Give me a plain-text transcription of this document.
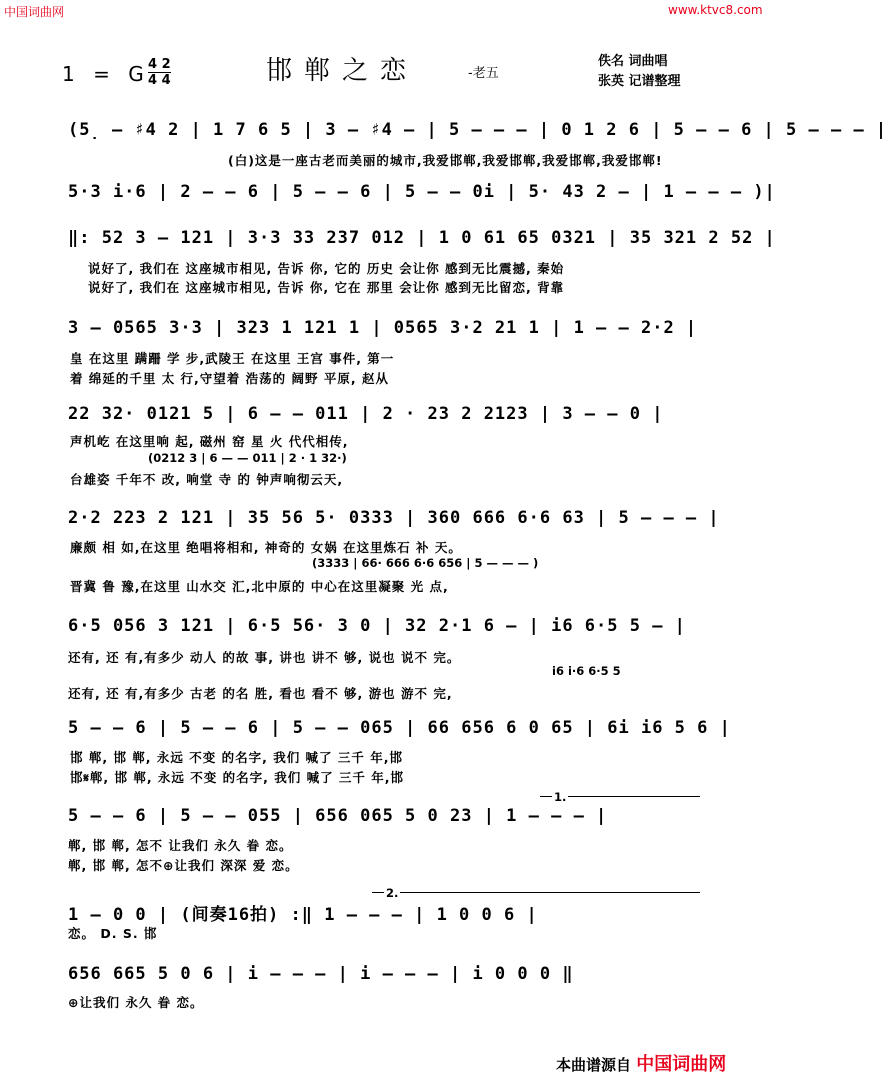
中国词曲网	www.ktvc8.com
1 = G
4 2
4 4	邯郸之恋	-老五
佚名 词曲唱
张英 记谱整理
(5̣ — ♯4 2 | 1 7 6 5 | 3 — ♯4 — | 5 — — — | 0 1 2 6 | 5 — — 6 | 5 — — — |
(白)这是一座古老而美丽的城市,我爱邯郸,我爱邯郸,我爱邯郸,我爱邯郸!
5·3 i·6 | 2 — — 6 | 5 — — 6 | 5 — — 0i | 5· 43 2 — | 1 — — — )|
‖: 52 3 — 121 | 3·3 33 237 012 | 1 0 61 65 0321 | 35 321 2 52 |
说好了, 我们在 这座城市相见, 告诉 你, 它的 历史 会让你 感到无比震撼, 秦始
说好了, 我们在 这座城市相见, 告诉 你, 它在 那里 会让你 感到无比留恋, 背靠
3 — 0565 3·3 | 323 1 121 1 | 0565 3·2 21 1 | 1 — — 2·2 |
皇 在这里 蹒跚 学 步,武陵王 在这里 王宫 事件, 第一
着 绵延的千里 太 行,守望着 浩荡的 阔野 平原, 赵从
22 32· 0121 5 | 6 — — 011 | 2 · 23 2 2123 | 3 — — 0 |
声机屹 在这里响 起, 磁州 窑 星 火 代代相传,
(0212 3 | 6 — — 011 | 2 · 1 32·)
台雄姿 千年不 改, 响堂 寺 的 钟声响彻云天,
2·2 223 2 121 | 35 56 5· 0333 | 360 666 6·6 63 | 5 — — — |
廉颇 相 如,在这里 绝唱将相和, 神奇的 女娲 在这里炼石 补 天。
(3333 | 66· 666 6·6 656 | 5 — — — )
晋冀 鲁 豫,在这里 山水交 汇,北中原的 中心在这里凝聚 光 点,
6·5 056 3 121 | 6·5 56· 3 0 | 32 2·1 6 — | i6 6·5 5 — |
还有, 还 有,有多少 动人 的故 事, 讲也 讲不 够, 说也 说不 完。
i6 i·6 6·5 5
还有, 还 有,有多少 古老 的名 胜, 看也 看不 够, 游也 游不 完,
5 — — 6 | 5 — — 6 | 5 — — 065 | 66 656 6 0 65 | 6i i6 5 6 |
邯 郸, 邯 郸, 永远 不变 的名字, 我们 喊了 三千 年,邯
邯𝄋郸, 邯 郸, 永远 不变 的名字, 我们 喊了 三千 年,邯
1.
5 — — 6 | 5 — — 055 | 656 065 5 0 23 | 1 — — — |
郸, 邯 郸, 怎不 让我们 永久 眷 恋。
郸, 邯 郸, 怎不⊕让我们 深深 爱 恋。
2.
1 — 0 0 | (间奏16拍) :‖ 1 — — — | 1 0 0 6 |
恋。 D. S. 邯
656 665 5 0 6 | i — — — | i — — — | i 0 0 0 ‖
⊕让我们 永久 眷 恋。
本曲谱源自 中国词曲网
